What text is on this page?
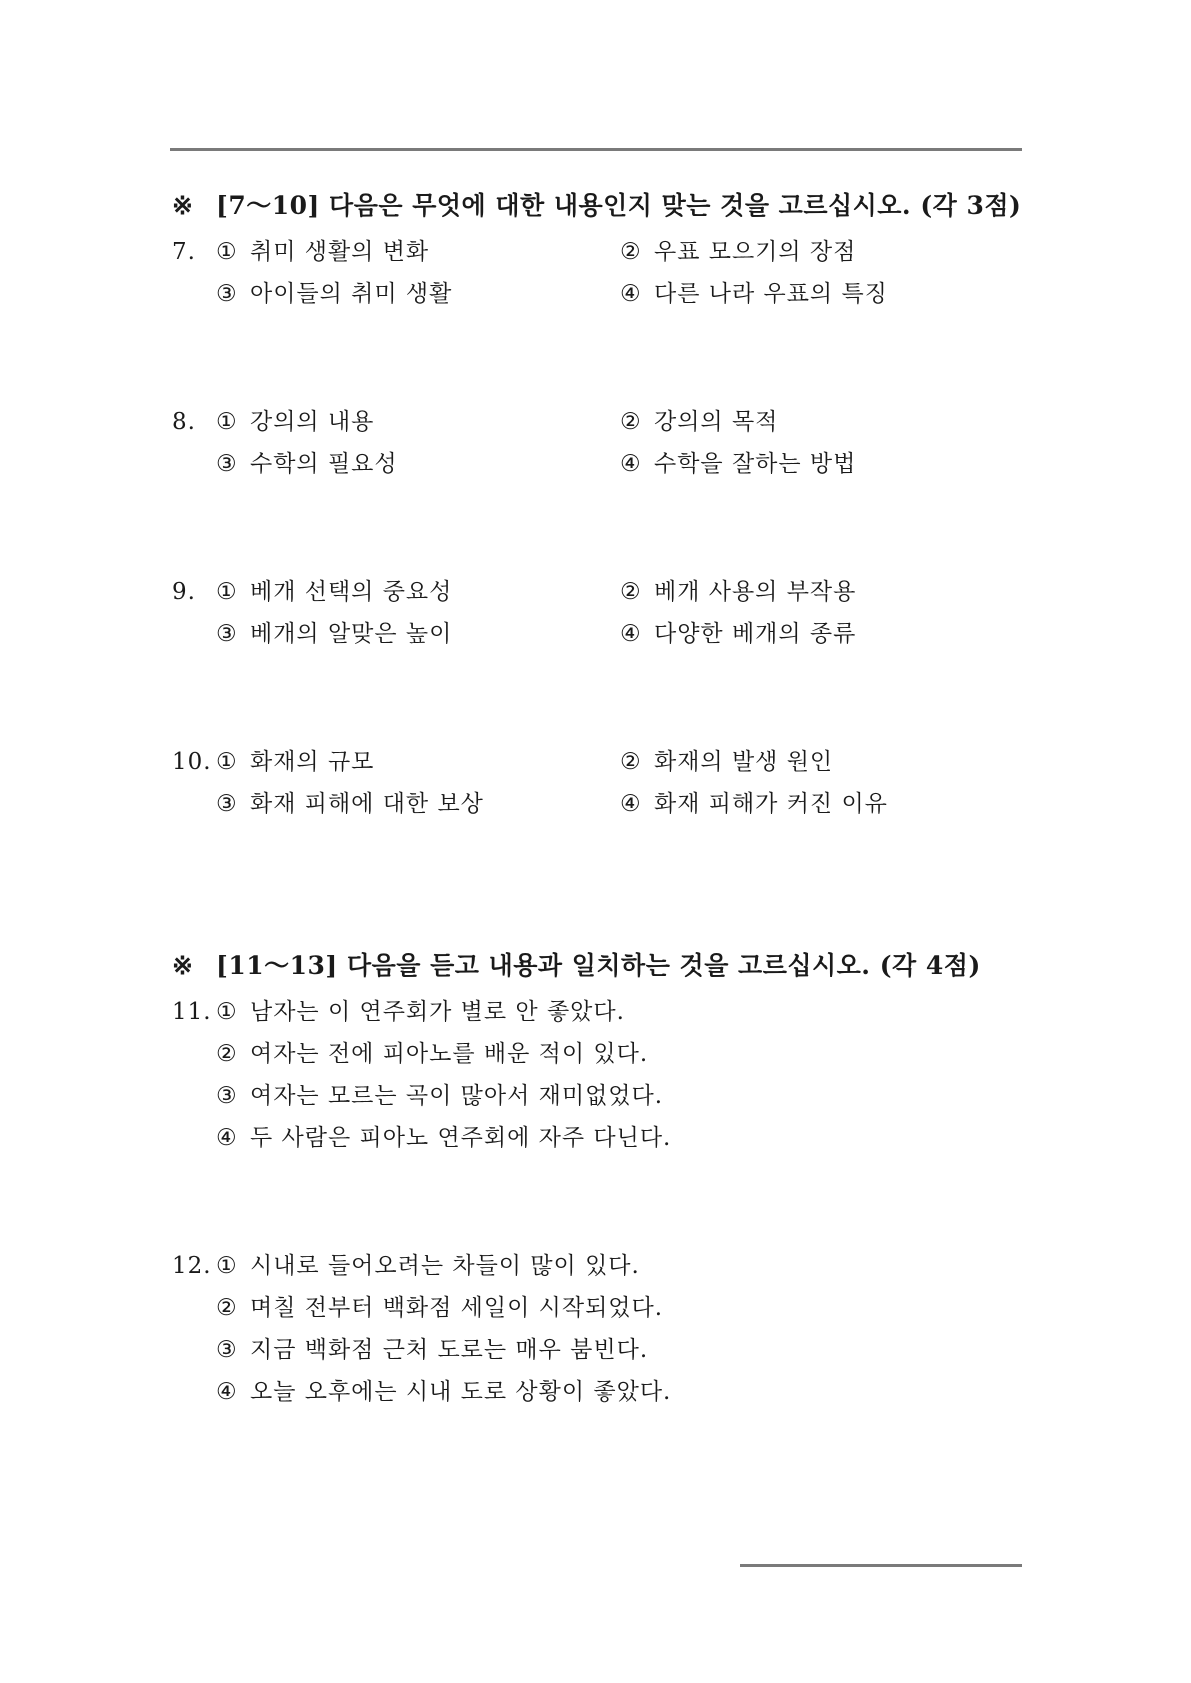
※ [7～10] 다음은 무엇에 대한 내용인지 맞는 것을 고르십시오. (각 3점)
7. ① 취미 생활의 변화	② 우표 모으기의 장점
③ 아이들의 취미 생활	④ 다른 나라 우표의 특징
8. ① 강의의 내용	② 강의의 목적
③ 수학의 필요성	④ 수학을 잘하는 방법
9. ① 베개 선택의 중요성	② 베개 사용의 부작용
③ 베개의 알맞은 높이	④ 다양한 베개의 종류
10. ① 화재의 규모	② 화재의 발생 원인
③ 화재 피해에 대한 보상	④ 화재 피해가 커진 이유
※ [11～13] 다음을 듣고 내용과 일치하는 것을 고르십시오. (각 4점)
11. ① 남자는 이 연주회가 별로 안 좋았다.
② 여자는 전에 피아노를 배운 적이 있다.
③ 여자는 모르는 곡이 많아서 재미없었다.
④ 두 사람은 피아노 연주회에 자주 다닌다.
12. ① 시내로 들어오려는 차들이 많이 있다.
② 며칠 전부터 백화점 세일이 시작되었다.
③ 지금 백화점 근처 도로는 매우 붐빈다.
④ 오늘 오후에는 시내 도로 상황이 좋았다.
